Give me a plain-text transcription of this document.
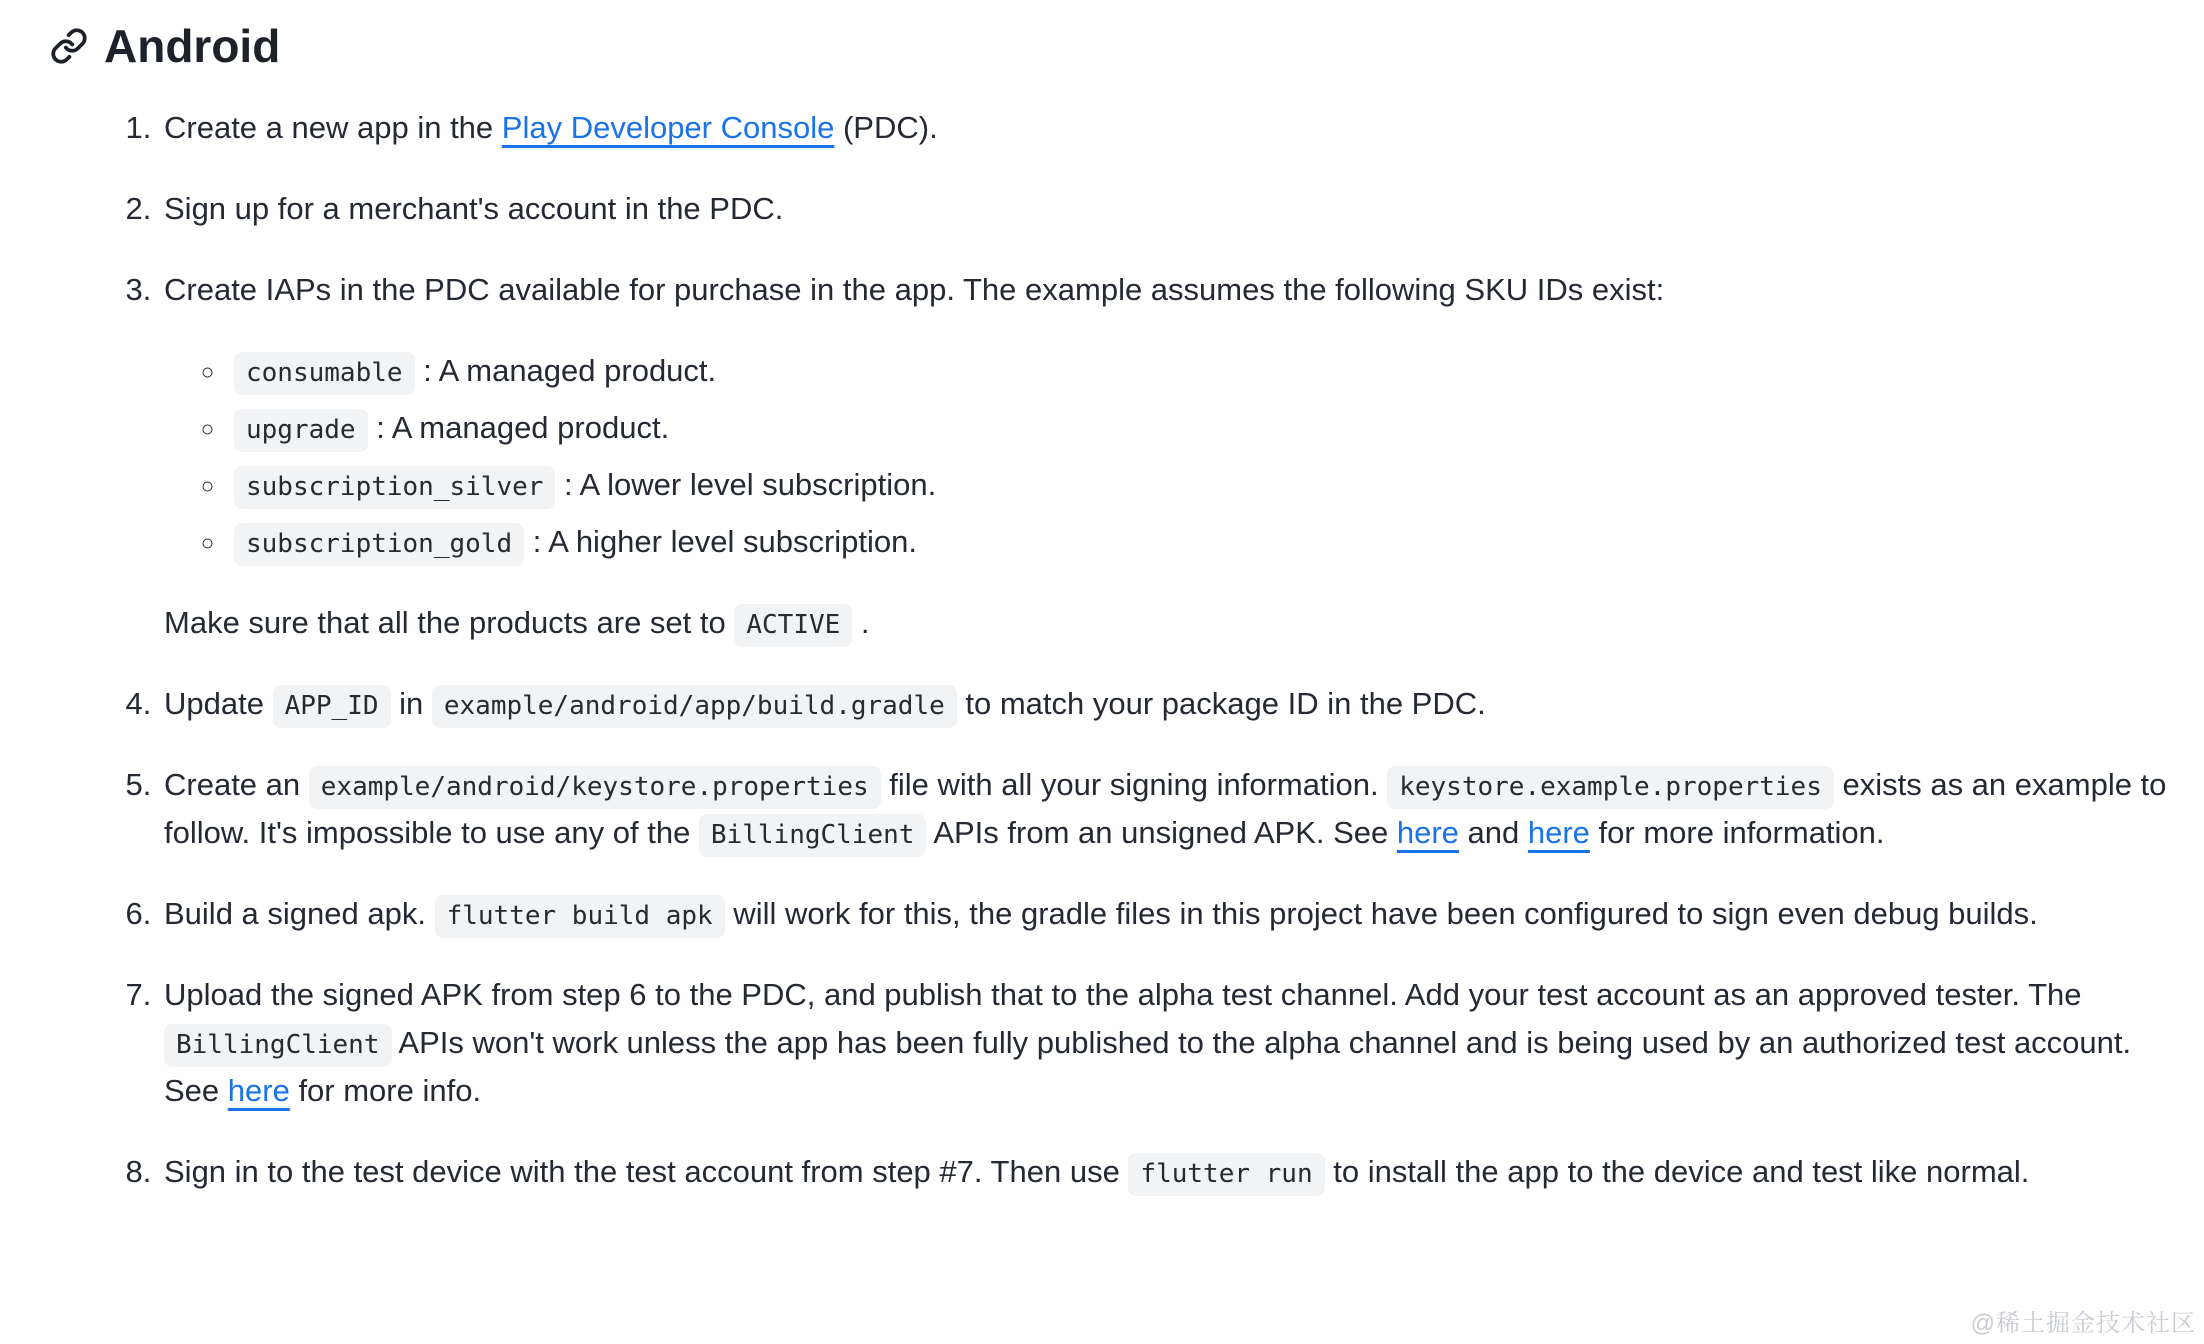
Android

1. Create a new app in the Play Developer Console (PDC).

2. Sign up for a merchant's account in the PDC.

3. Create IAPs in the PDC available for purchase in the app. The example assumes the following SKU IDs exist:

◦ consumable : A managed product.
◦ upgrade : A managed product.
◦ subscription_silver : A lower level subscription.
◦ subscription_gold : A higher level subscription.

Make sure that all the products are set to ACTIVE .

4. Update APP_ID in example/android/app/build.gradle to match your package ID in the PDC.

5. Create an example/android/keystore.properties file with all your signing information. keystore.example.properties exists as an example to follow. It's impossible to use any of the BillingClient APIs from an unsigned APK. See here and here for more information.

6. Build a signed apk. flutter build apk will work for this, the gradle files in this project have been configured to sign even debug builds.

7. Upload the signed APK from step 6 to the PDC, and publish that to the alpha test channel. Add your test account as an approved tester. The BillingClient APIs won't work unless the app has been fully published to the alpha channel and is being used by an authorized test account. See here for more info.

8. Sign in to the test device with the test account from step #7. Then use flutter run to install the app to the device and test like normal.

@稀土掘金技术社区
